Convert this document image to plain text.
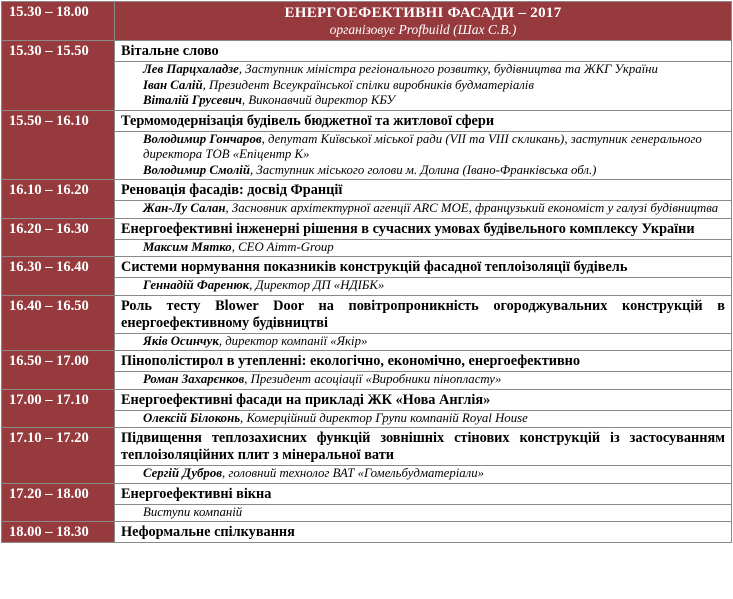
15.30 – 18.00	ЕНЕРГОЕФЕКТИВНІ ФАСАДИ – 2017
організовує Profbuild (Шах С.В.)

15.30 – 15.50	Вітальне слово
Лев Парцхаладзе, Заступник міністра регіонального розвитку, будівництва та ЖКГ України
Іван Салій, Президент Всеукраїнської спілки виробників будматеріалів
Віталій Грусевич, Виконавчий директор КБУ

15.50 – 16.10	Термомодернізація будівель бюджетної та житлової сфери
Володимир Гончаров, депутат Київської міської ради (VII та VIII скликань), заступник генерального директора ТОВ «Епіцентр К»
Володимир Смолій, Заступник міського голови м. Долина (Івано-Франківська обл.)

16.10 – 16.20	Реновація фасадів: досвід Франції
Жан-Лу Салан, Засновник архітектурної агенції ARC MOE, французький економіст у галузі будівництва

16.20 – 16.30	Енергоефективні інженерні рішення в сучасних умовах будівельного комплексу України
Максим Мятко, CEO Aimm-Group

16.30 – 16.40	Системи нормування показників конструкцій фасадної теплоізоляції будівель
Геннадій Фаренюк, Директор ДП «НДІБК»

16.40 – 16.50	Роль тесту Blower Door на повітропроникність огороджувальних конструкцій в енергоефективному будівництві
Яків Осинчук, директор компанії «Якір»

16.50 – 17.00	Пінополістирол в утепленні: екологічно, економічно, енергоефективно
Роман Захарєнков, Президент асоціації «Виробники пінопласту»

17.00 – 17.10	Енергоефективні фасади на прикладі ЖК «Нова Англія»
Олексій Білоконь, Комерційний директор Групи компаній Royal House

17.10 – 17.20	Підвищення теплозахисних функцій зовнішніх стінових конструкцій із застосуванням теплоізоляційних плит з мінеральної вати
Сергій Дубров, головний технолог ВАТ «Гомельбудматеріали»

17.20 – 18.00	Енергоефективні вікна
Виступи компаній

18.00 – 18.30	Неформальне спілкування
